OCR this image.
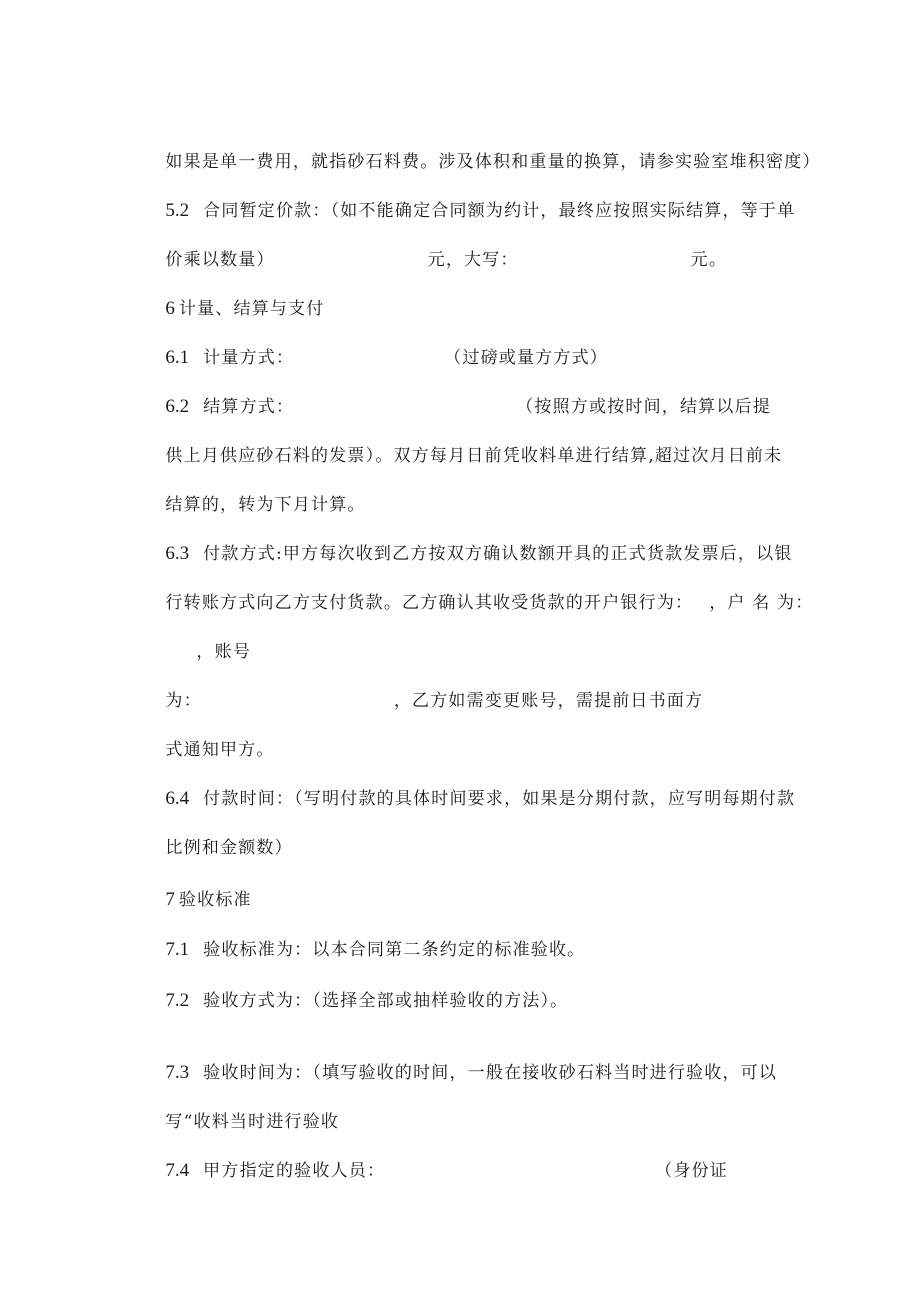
如果是单一费用，就指砂石料费。涉及体积和重量的换算，请参实验室堆积密度）

5.2 合同暂定价款：（如不能确定合同额为约计，最终应按照实际结算，等于单

价乘以数量）	元，大写：	元。

6 计量、结算与支付

6.1 计量方式：	（过磅或量方方式）

6.2 结算方式：	（按照方或按时间，结算以后提

供上月供应砂石料的发票）。双方每月日前凭收料单进行结算,超过次月日前未

结算的，转为下月计算。

6.3 付款方式:甲方每次收到乙方按双方确认数额开具的正式货款发票后，以银

行转账方式向乙方支付货款。乙方确认其收受货款的开户银行为： ，户 名 为：

，账号

为：	，乙方如需变更账号，需提前日书面方

式通知甲方。

6.4 付款时间：（写明付款的具体时间要求，如果是分期付款，应写明每期付款

比例和金额数）

7 验收标准

7.1 验收标准为：以本合同第二条约定的标准验收。

7.2 验收方式为：（选择全部或抽样验收的方法）。

7.3 验收时间为：（填写验收的时间，一般在接收砂石料当时进行验收，可以

写“收料当时进行验收

7.4 甲方指定的验收人员：	（身份证
